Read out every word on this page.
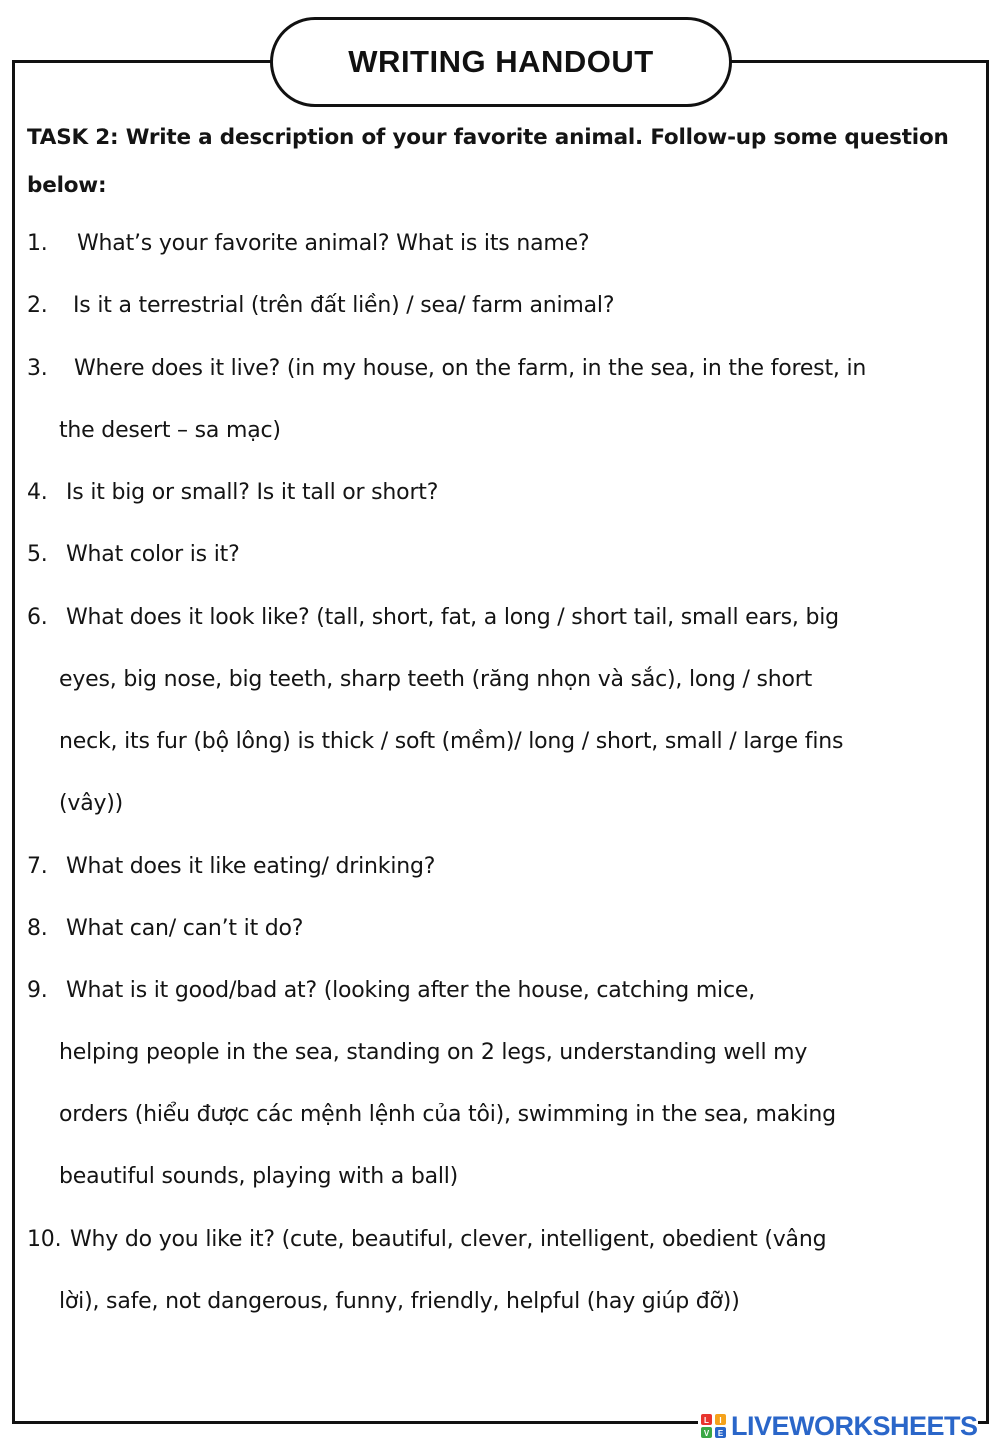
WRITING HANDOUT

TASK 2: Write a description of your favorite animal. Follow-up some question
below:

1. What’s your favorite animal? What is its name?
2. Is it a terrestrial (trên đất liền) / sea/ farm animal?
3. Where does it live? (in my house, on the farm, in the sea, in the forest, in
the desert – sa mạc)
4. Is it big or small? Is it tall or short?
5. What color is it?
6. What does it look like? (tall, short, fat, a long / short tail, small ears, big
eyes, big nose, big teeth, sharp teeth (răng nhọn và sắc), long / short
neck, its fur (bộ lông) is thick / soft (mềm)/ long / short, small / large fins
(vây))
7. What does it like eating/ drinking?
8. What can/ can’t it do?
9. What is it good/bad at? (looking after the house, catching mice,
helping people in the sea, standing on 2 legs, understanding well my
orders (hiểu được các mệnh lệnh của tôi), swimming in the sea, making
beautiful sounds, playing with a ball)
10. Why do you like it? (cute, beautiful, clever, intelligent, obedient (vâng
lời), safe, not dangerous, funny, friendly, helpful (hay giúp đỡ))
L I
V E LIVEWORKSHEETS
